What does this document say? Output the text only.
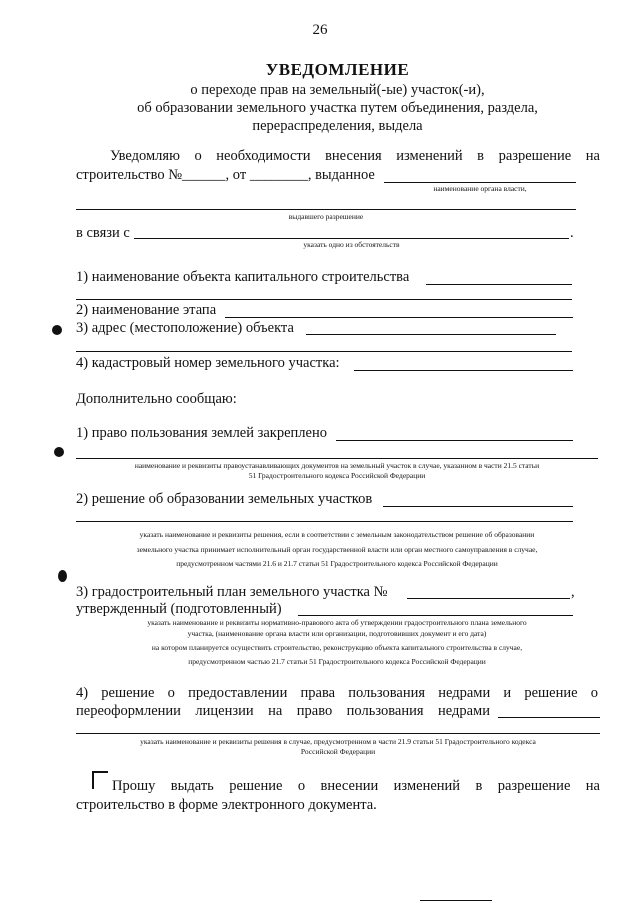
26
УВЕДОМЛЕНИЕ
о переходе прав на земельный(-ые) участок(-и),
об образовании земельного участка путем объединения, раздела,
перераспределения, выдела
Уведомляю о необходимости внесения изменений в разрешение на
строительство №______, от ________, выданное
наименование органа власти,
выдавшего разрешение
в связи с	.
указать одно из обстоятельств
1) наименование объекта капитального строительства
2) наименование этапа
3) адрес (местоположение) объекта
4) кадастровый номер земельного участка:
Дополнительно сообщаю:
1) право пользования землей закреплено
наименование и реквизиты правоустанавливающих документов на земельный участок в случае, указанном в части 21.5 статьи
51 Градостроительного кодекса Российской Федерации
2) решение об образовании земельных участков
указать наименование и реквизиты решения, если в соответствии с земельным законодательством решение об образовании
земельного участка принимает исполнительный орган государственной власти или орган местного самоуправления в случае,
предусмотренном частями 21.6 и 21.7 статьи 51 Градостроительного кодекса Российской Федерации
3) градостроительный план земельного участка №	,
утвержденный (подготовленный)
указать наименование и реквизиты нормативно-правового акта об утверждении градостроительного плана земельного
участка, (наименование органа власти или организации, подготовивших документ и его дата)
на котором планируется осуществить строительство, реконструкцию объекта капитального строительства в случае,
предусмотренном частью 21.7 статьи 51 Градостроительного кодекса Российской Федерации
4) решение о предоставлении права пользования недрами и решение о
переоформлении лицензии на право пользования недрами
указать наименование и реквизиты решения в случае, предусмотренном в части 21.9 статьи 51 Градостроительного кодекса
Российской Федерации
Прошу выдать решение о внесении изменений в разрешение на
строительство в форме электронного документа.
